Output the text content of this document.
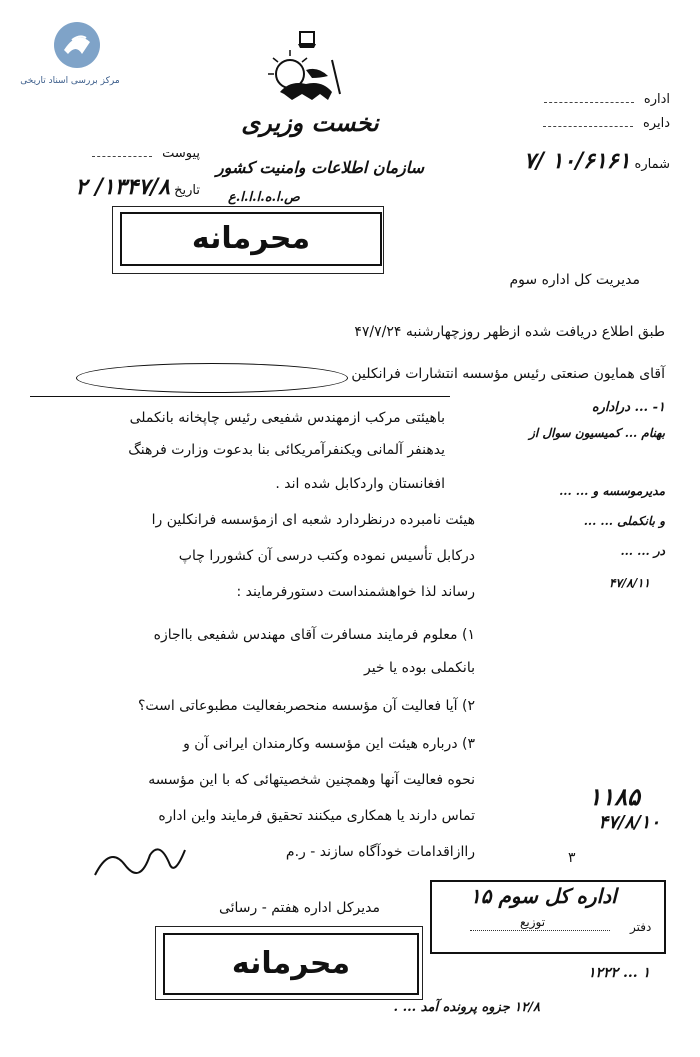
مرکز بررسی اسناد تاریخی
نخست وزیری
سازمان اطلاعات وامنیت کشور
ص.ا.ه.ا.ا.ا.ع
اداره
دایره
شماره ۱۰/۶۱۶۱ /۷
پیوست
تاریخ ۱۳۴۷/۸/ ۲
محرمانه
مدیریت کل اداره سوم
طبق اطلاع دریافت شده ازظهر روزچهارشنبه ۴۷/۷/۲۴
آقای همایون صنعتی رئیس مؤسسه انتشارات فرانکلین
باهیئتی مرکب ازمهندس شفیعی رئیس چاپخانه بانکملی
یدهنفر آلمانی ویکنفرآمریکائی بنا بدعوت وزارت فرهنگ
افغانستان واردکابل شده اند .
هیئت نامبرده درنظردارد شعبه ای ازمؤسسه فرانکلین را
درکابل تأسیس نموده وکتب درسی آن کشوررا چاپ
رساند لذا خواهشمنداست دستورفرمایند :
۱) معلوم فرمایند مسافرت آقای مهندس شفیعی بااجازه
بانکملی بوده یا خیر
۲) آیا فعالیت آن مؤسسه منحصربفعالیت مطبوعاتی است؟
۳) درباره هیئت این مؤسسه وکارمندان ایرانی آن و
نحوه فعالیت آنها وهمچنین شخصیتهائی که با این مؤسسه
تماس دارند یا همکاری میکنند تحقیق فرمایند واین اداره
راازاقدامات خودآگاه سازند - ر.م
مدیرکل اداره هفتم - رسائی
۱- ... دراداره
بهنام ... کمیسیون سوال از
مدیرموسسه و ... ...
و بانکملی ... ...
در ... ...
۴۷/۸/۱۱
۱۱۸۵
۴۷/۸/۱۰
۳
اداره کل سوم ۱۵
توزیع	دفتر
محرمانه	۱۲۲۲ ... ۱
۱۲/۸ جزوه پرونده آمد ... .
